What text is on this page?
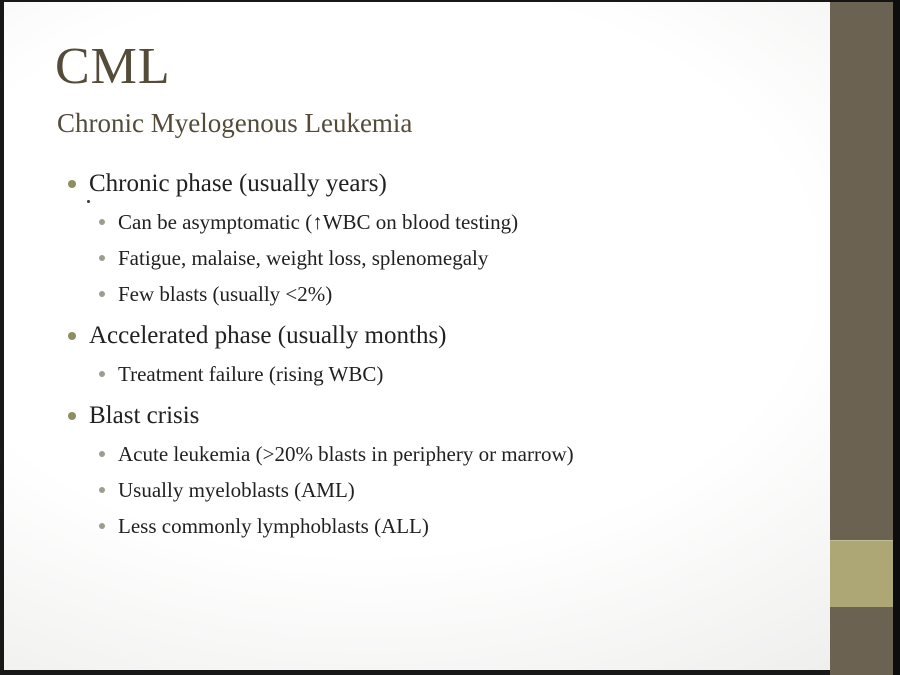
CML
Chronic Myelogenous Leukemia
Chronic phase (usually years)
Can be asymptomatic (↑WBC on blood testing)
Fatigue, malaise, weight loss, splenomegaly
Few blasts (usually <2%)
Accelerated phase (usually months)
Treatment failure (rising WBC)
Blast crisis
Acute leukemia (>20% blasts in periphery or marrow)
Usually myeloblasts (AML)
Less commonly lymphoblasts (ALL)
